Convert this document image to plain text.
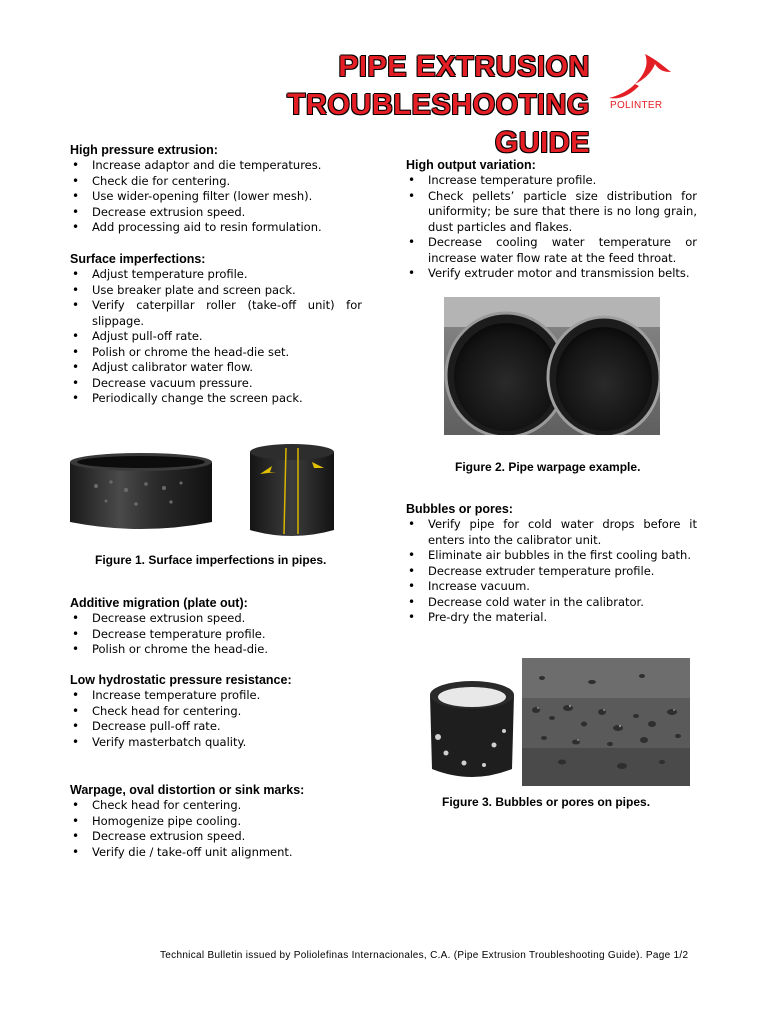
PIPE EXTRUSION
TROUBLESHOOTING GUIDE
POLINTER
High pressure extrusion:
• Increase adaptor and die temperatures.
• Check die for centering.
• Use wider-opening filter (lower mesh).
• Decrease extrusion speed.
• Add processing aid to resin formulation.
Surface imperfections:
• Adjust temperature profile.
• Use breaker plate and screen pack.
• Verify caterpillar roller (take-off unit) for slippage.
• Adjust pull-off rate.
• Polish or chrome the head-die set.
• Adjust calibrator water flow.
• Decrease vacuum pressure.
• Periodically change the screen pack.
Figure 1. Surface imperfections in pipes.
Additive migration (plate out):
• Decrease extrusion speed.
• Decrease temperature profile.
• Polish or chrome the head-die.
Low hydrostatic pressure resistance:
• Increase temperature profile.
• Check head for centering.
• Decrease pull-off rate.
• Verify masterbatch quality.
Warpage, oval distortion or sink marks:
• Check head for centering.
• Homogenize pipe cooling.
• Decrease extrusion speed.
• Verify die / take-off unit alignment.
High output variation:
• Increase temperature profile.
• Check pellets’ particle size distribution for uniformity; be sure that there is no long grain, dust particles and flakes.
• Decrease cooling water temperature or increase water flow rate at the feed throat.
• Verify extruder motor and transmission belts.
Figure 2. Pipe warpage example.
Bubbles or pores:
• Verify pipe for cold water drops before it enters into the calibrator unit.
• Eliminate air bubbles in the first cooling bath.
• Decrease extruder temperature profile.
• Increase vacuum.
• Decrease cold water in the calibrator.
• Pre-dry the material.
Figure 3. Bubbles or pores on pipes.
Technical Bulletin issued by Poliolefinas Internacionales, C.A. (Pipe Extrusion Troubleshooting Guide). Page 1/2
